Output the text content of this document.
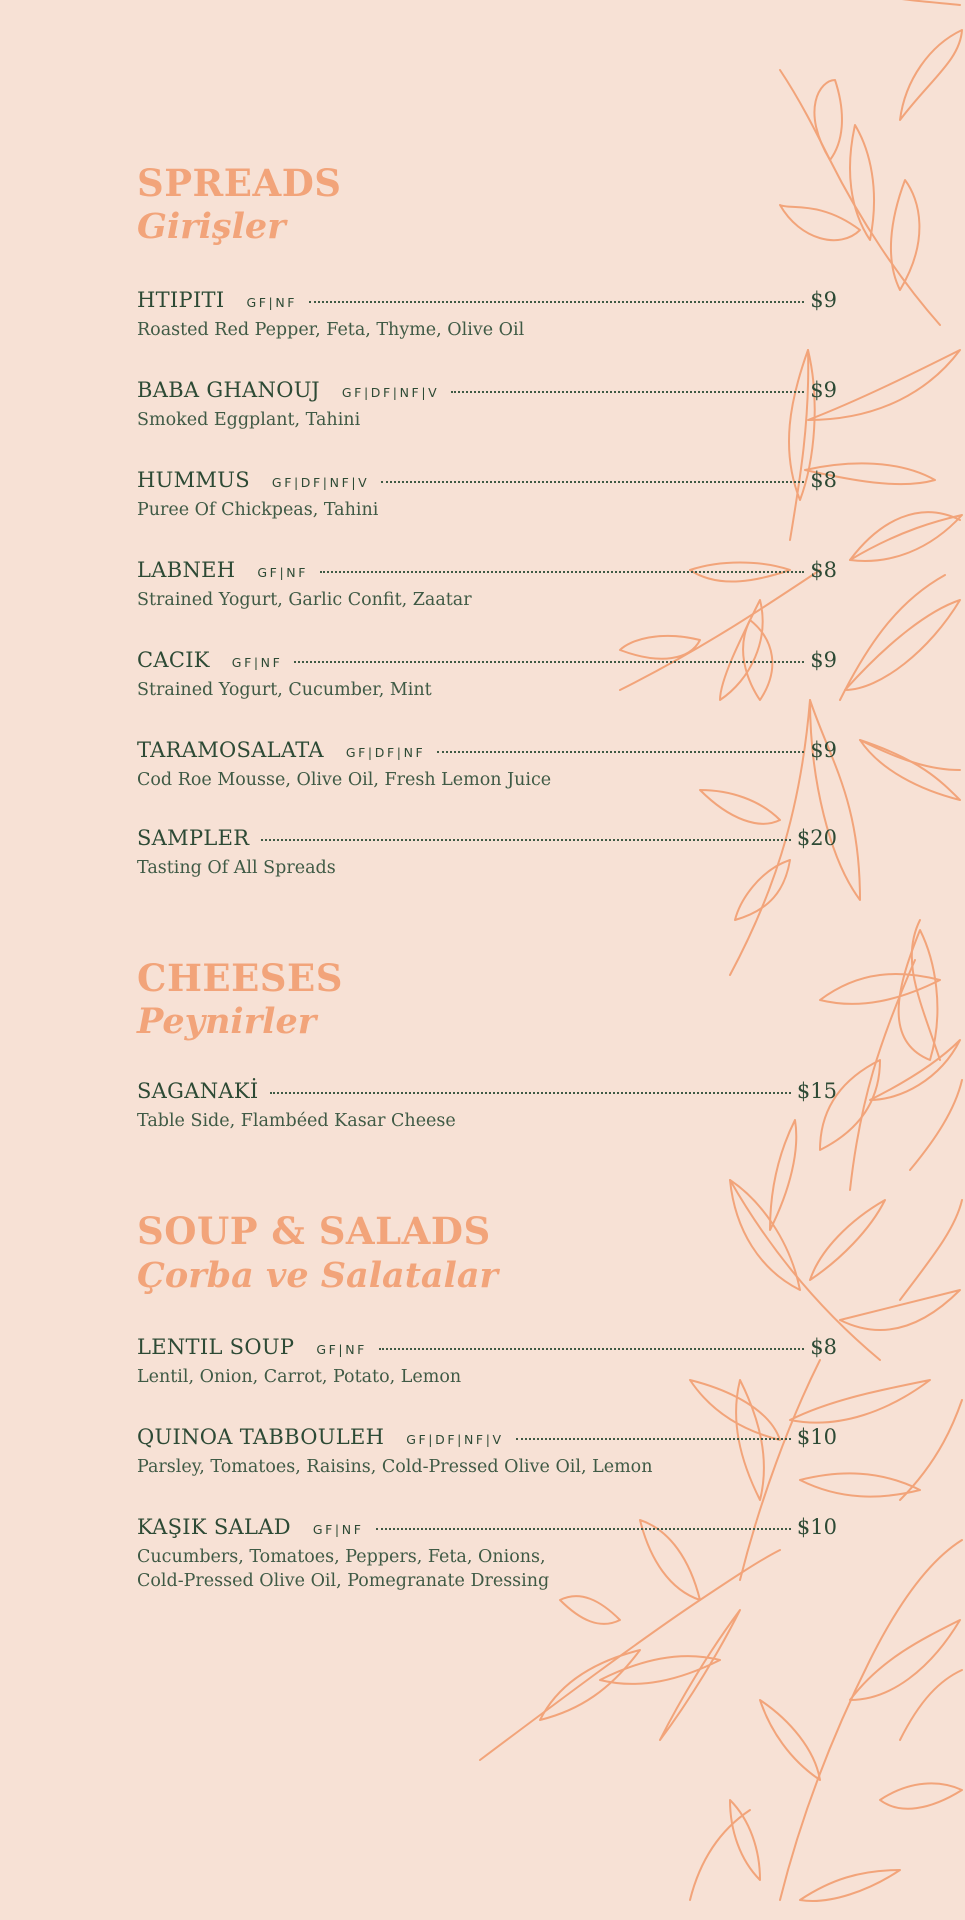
SPREADS
Girişler
HTIPITI GF|NF	$9
Roasted Red Pepper, Feta, Thyme, Olive Oil
BABA GHANOUJ GF|DF|NF|V	$9
Smoked Eggplant, Tahini
HUMMUS GF|DF|NF|V	$8
Puree Of Chickpeas, Tahini
LABNEH GF|NF	$8
Strained Yogurt, Garlic Confit, Zaatar
CACIK GF|NF	$9
Strained Yogurt, Cucumber, Mint
TARAMOSALATA GF|DF|NF	$9
Cod Roe Mousse, Olive Oil, Fresh Lemon Juice
SAMPLER	$20
Tasting Of All Spreads
CHEESES
Peynirler
SAGANAKİ	$15
Table Side, Flambéed Kasar Cheese
SOUP & SALADS
Çorba ve Salatalar
LENTIL SOUP GF|NF	$8
Lentil, Onion, Carrot, Potato, Lemon
QUINOA TABBOULEH GF|DF|NF|V	$10
Parsley, Tomatoes, Raisins, Cold-Pressed Olive Oil, Lemon
KAŞIK SALAD GF|NF	$10
Cucumbers, Tomatoes, Peppers, Feta, Onions,
Cold-Pressed Olive Oil, Pomegranate Dressing
